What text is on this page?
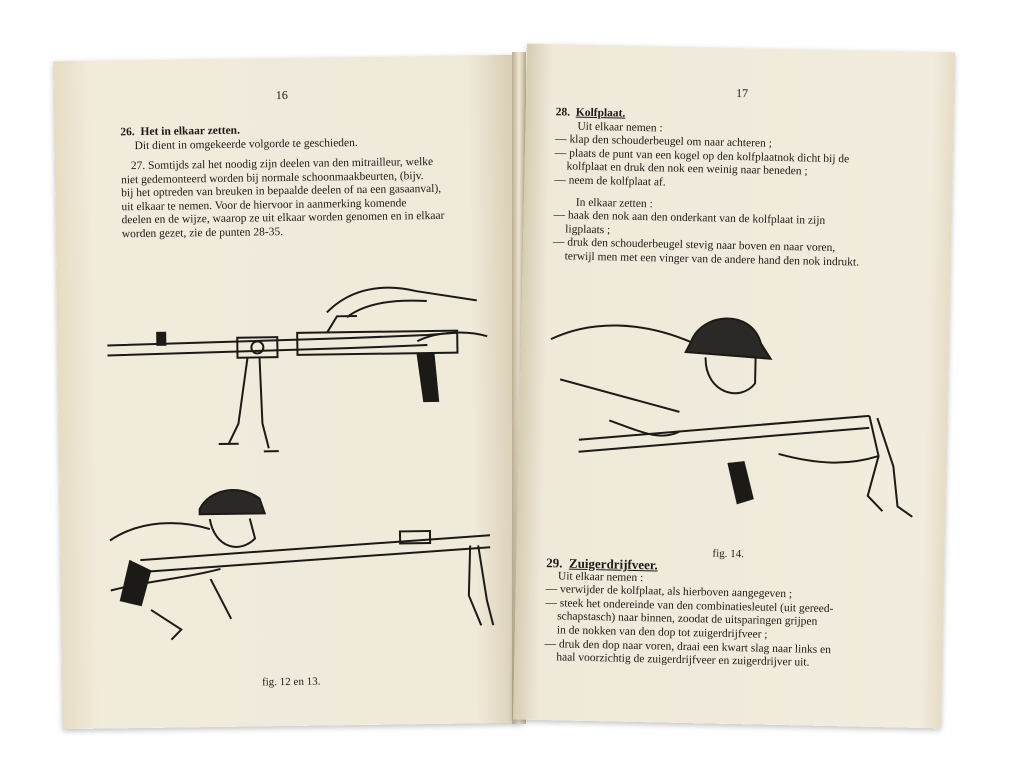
16

26. Het in elkaar zetten.

Dit dient in omgekeerde volgorde te geschieden.

27. Somtijds zal het noodig zijn deelen van den mitrailleur, welke

niet gedemonteerd worden bij normale schoonmaakbeurten, (bijv.

bij het optreden van breuken in bepaalde deelen of na een gasaanval),

uit elkaar te nemen. Voor de hiervoor in aanmerking komende

deelen en de wijze, waarop ze uit elkaar worden genomen en in elkaar

worden gezet, zie de punten 28-35.

fig. 12 en 13.
17

28. Kolfplaat.

Uit elkaar nemen :

— klap den schouderbeugel om naar achteren ;

— plaats de punt van een kogel op den kolfplaatnok dicht bij de

kolfplaat en druk den nok een weinig naar beneden ;

— neem de kolfplaat af.

In elkaar zetten :

— haak den nok aan den onderkant van de kolfplaat in zijn

ligplaats ;

— druk den schouderbeugel stevig naar boven en naar voren,

terwijl men met een vinger van de andere hand den nok indrukt.

fig. 14.

29. Zuigerdrijfveer.

Uit elkaar nemen :

— verwijder de kolfplaat, als hierboven aangegeven ;

— steek het ondereinde van den combinatiesleutel (uit gereed-

schapstasch) naar binnen, zoodat de uitsparingen grijpen

in de nokken van den dop tot zuigerdrijfveer ;

— druk den dop naar voren, draai een kwart slag naar links en

haal voorzichtig de zuigerdrijfveer en zuigerdrijver uit.
